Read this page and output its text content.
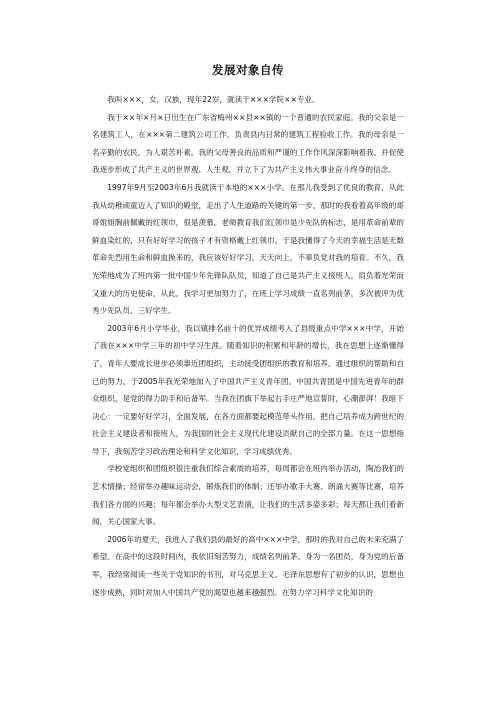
发展对象自传

我叫×××，女，汉族，现年22岁，就读于×××学院××专业。

我于××年×月×日出生在广东省梅州××县××镇的一个普通的农民家庭。我的父亲是一名建筑工人，在×××第二建筑公司工作，负责县内日常的建筑工程验收工作。我的母亲是一名辛勤的农民，为人艰苦朴素。我的父母善良的品质和严谨的工作作风深深影响着我，并促使我逐步形成了共产主义的世界观、人生观，并立下了为共产主义伟大事业奋斗终身的信念。

1997年9月至2003年6月我就读于本地的×××小学。在那儿我受到了优良的教育，从此我从幼稚顽童迈入了知识的殿堂，走出了人生道路的关键的第一步，那时的我看着高年级的哥哥姐姐胸前佩戴的红领巾，很是羡慕。老师教育我们红领巾是少先队的标志，是用革命前辈的鲜血染红的，只有好好学习的孩子才有资格戴上红领巾。于是我懂得了今天的幸福生活是无数革命先烈用生命和鲜血换来的，我应该好好学习，天天向上，不辜负党对我的培育。不久，我光荣地成为了班内第一批中国少年先锋队队员，知道了自己是共产主义接班人，肩负着光荣而又重大的历史使命，从此，我学习更加努力了，在班上学习成绩一直名列前茅，多次被评为优秀少先队员、三好学生。

2003年6月小学毕业，我以镇排名前十的优异成绩考入了县级重点中学×××中学，开始了我在×××中学三年的初中学习生涯。随着知识的积累和年龄的增长，我在思想上逐渐懂得了，青年人要成长进步必须靠近团组织，主动接受团组织的教育和培养。通过组织的帮助和自己的努力，于2005年我光荣地加入了中国共产主义青年团。中国共青团是中国先进青年的群众组织，是党的得力助手和后备军。当我在团旗下举起右手庄严地宣誓时，心潮澎湃！我暗下决心：一定要好好学习，全面发展，在各方面都要起模范带头作用，把自己培养成为跨世纪的社会主义建设者和接班人，为我国的社会主义现代化建设贡献自己的全部力量。在这一思想指导下，我刻苦学习政治理论和科学文化知识，学习成绩优秀。

学校党组织和团组织很注重我们综合素质的培养，每周都会在班内举办活动，陶冶我们的艺术情操；经常举办趣味运动会，锻炼我们的体制；还举办歌手大赛、朗诵大赛等比赛，培养我们各方面的兴趣；每年都会举办大型文艺表演，让我们的生活多姿多彩；每天都让我们看新闻，关心国家大事。

2006年的夏天，我进入了我们县的最好的高中×××中学，那时的我对自己的未来充满了希望。在高中的这段时间内，我依旧刻苦努力，成绩名列前茅。身为一名团员，身为党的后备军，我经常阅读一些关于党知识的书刊，对马克思主义、毛泽东思想有了初步的认识，思想也逐步成熟，同时对加入中国共产党的渴望也越来越强烈。在努力学习科学文化知识的
